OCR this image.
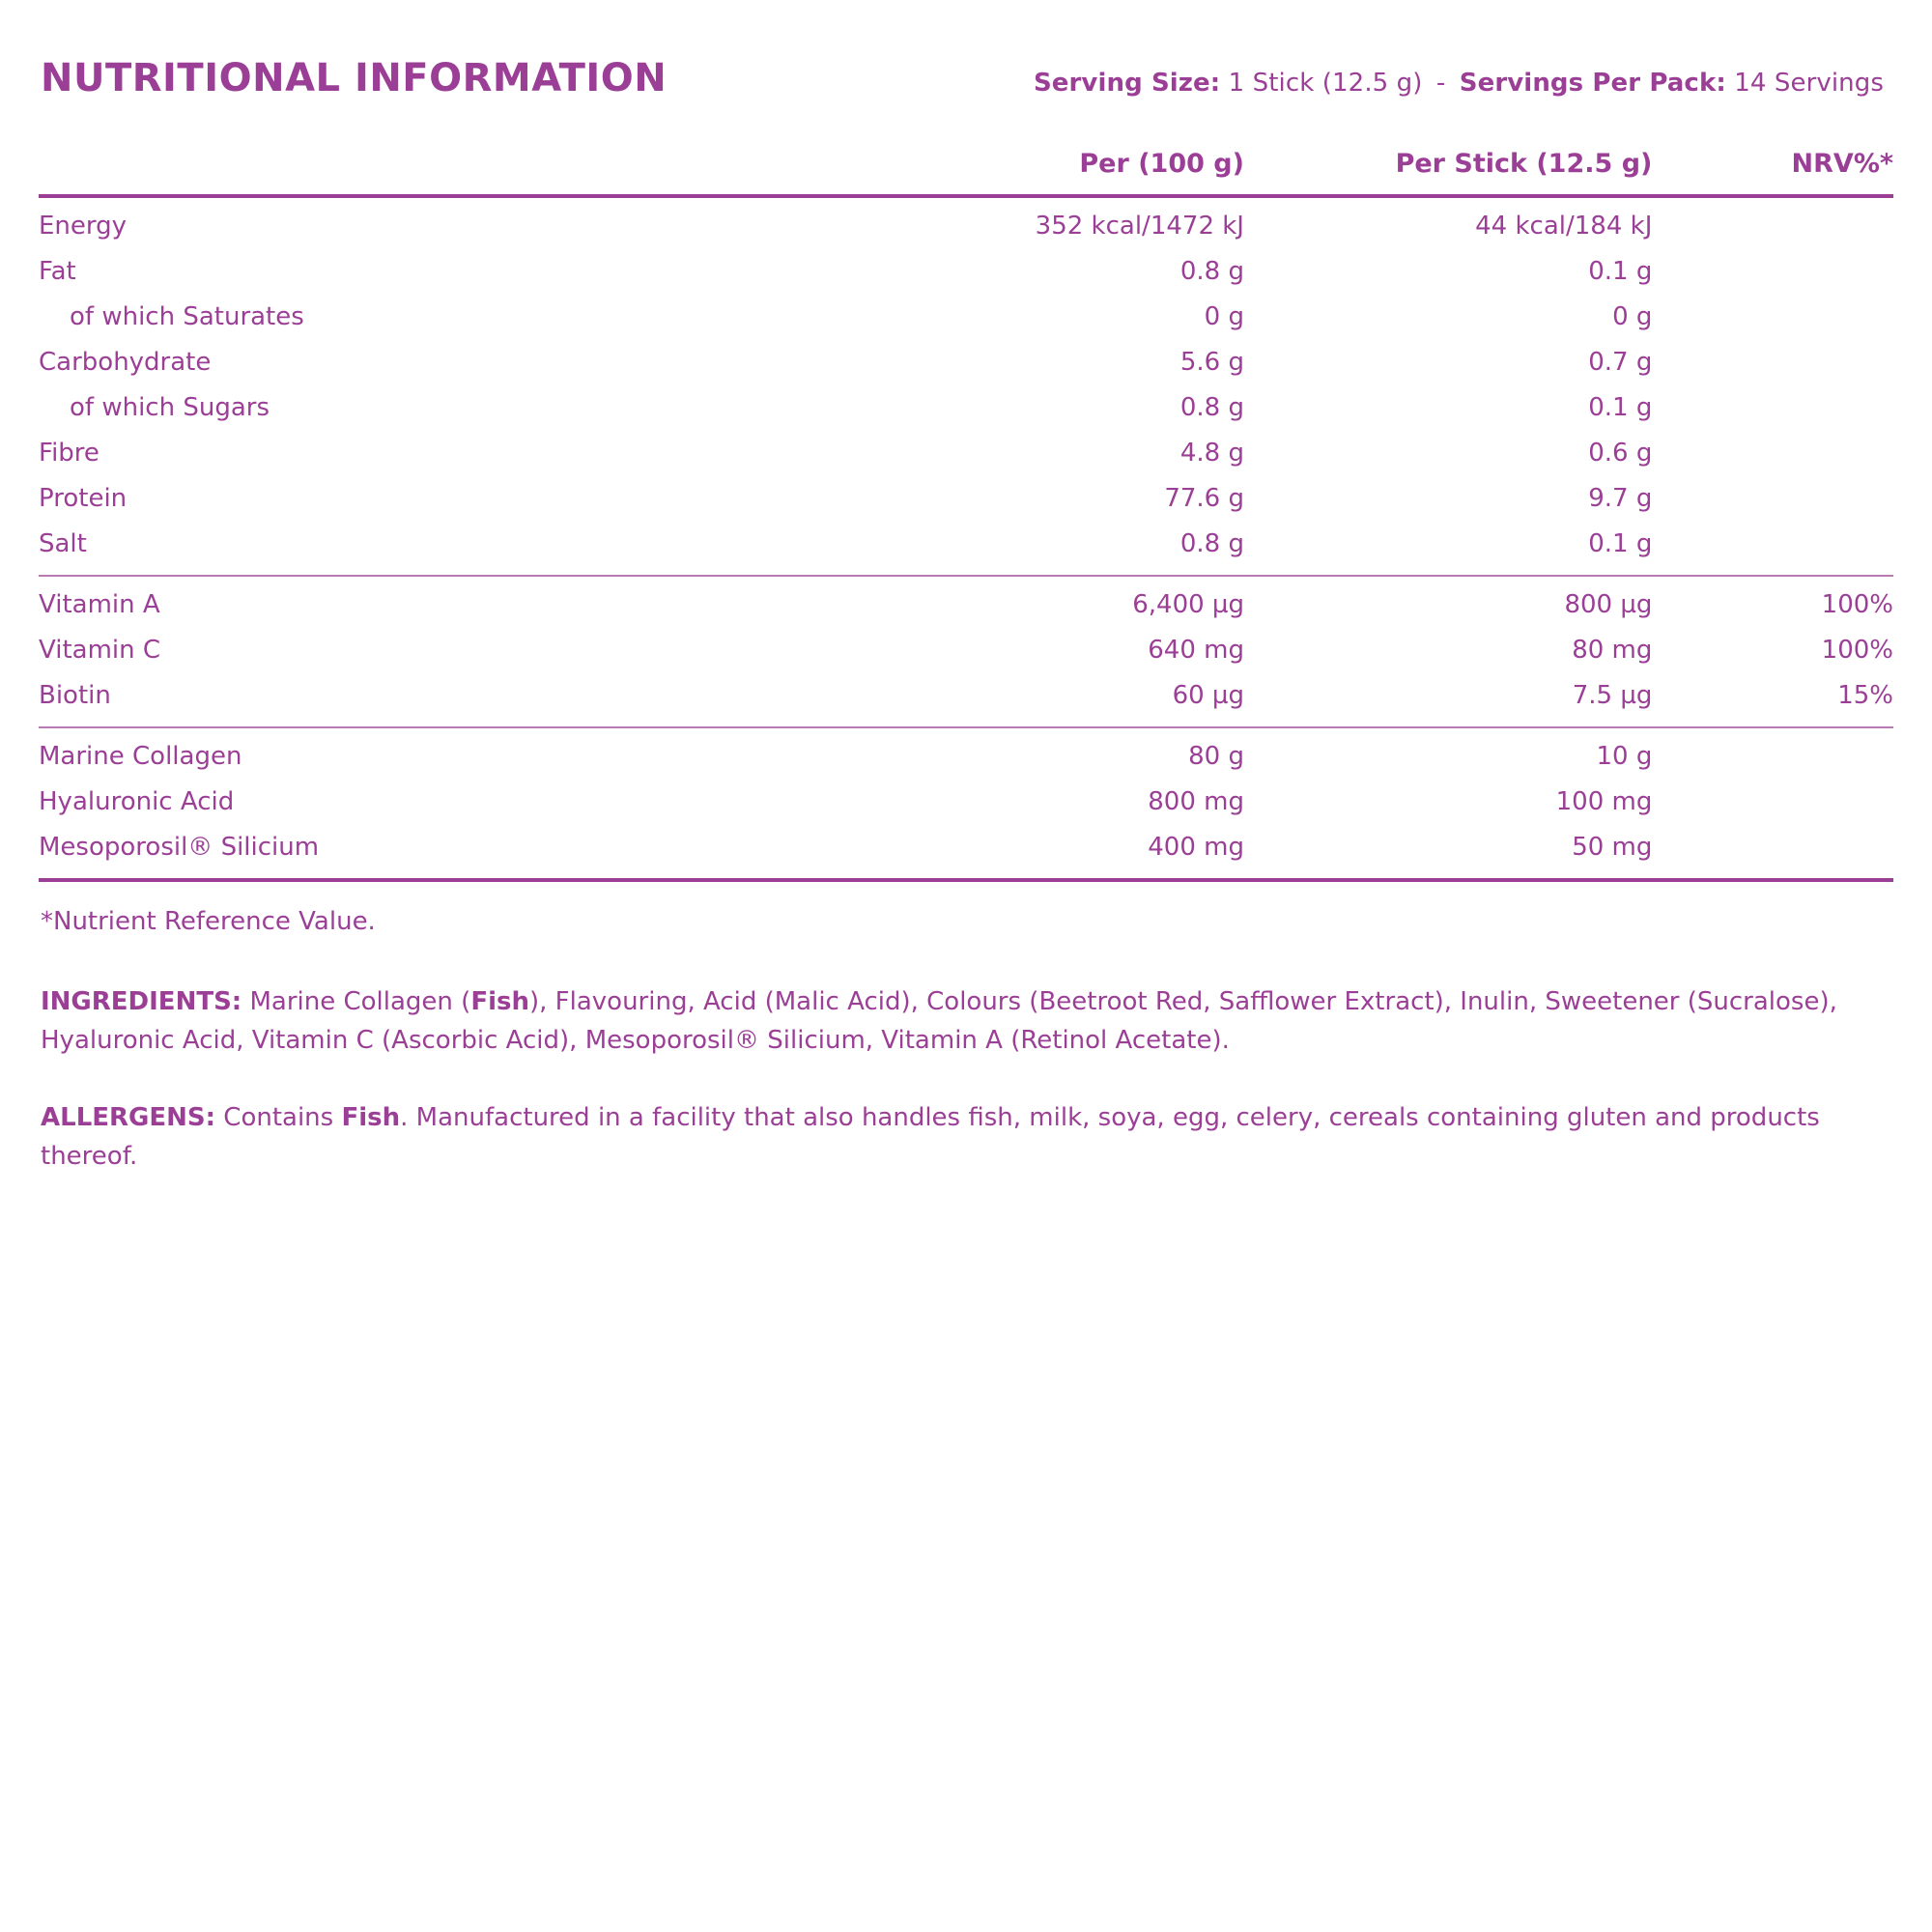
NUTRITIONAL INFORMATION	Serving Size: 1 Stick (12.5 g) - Servings Per Pack: 14 Servings
	Per (100 g)	Per Stick (12.5 g)	NRV%*
Energy	352 kcal/1472 kJ	44 kcal/184 kJ	
Fat	0.8 g	0.1 g	
of which Saturates	0 g	0 g	
Carbohydrate	5.6 g	0.7 g	
of which Sugars	0.8 g	0.1 g	
Fibre	4.8 g	0.6 g	
Protein	77.6 g	9.7 g	
Salt	0.8 g	0.1 g	
Vitamin A	6,400 µg	800 µg	100%
Vitamin C	640 mg	80 mg	100%
Biotin	60 µg	7.5 µg	15%
Marine Collagen	80 g	10 g	
Hyaluronic Acid	800 mg	100 mg	
Mesoporosil® Silicium	400 mg	50 mg	
*Nutrient Reference Value.
INGREDIENTS: Marine Collagen (Fish), Flavouring, Acid (Malic Acid), Colours (Beetroot Red, Safflower Extract), Inulin, Sweetener (Sucralose), Hyaluronic Acid, Vitamin C (Ascorbic Acid), Mesoporosil® Silicium, Vitamin A (Retinol Acetate).
ALLERGENS: Contains Fish. Manufactured in a facility that also handles fish, milk, soya, egg, celery, cereals containing gluten and products thereof.
